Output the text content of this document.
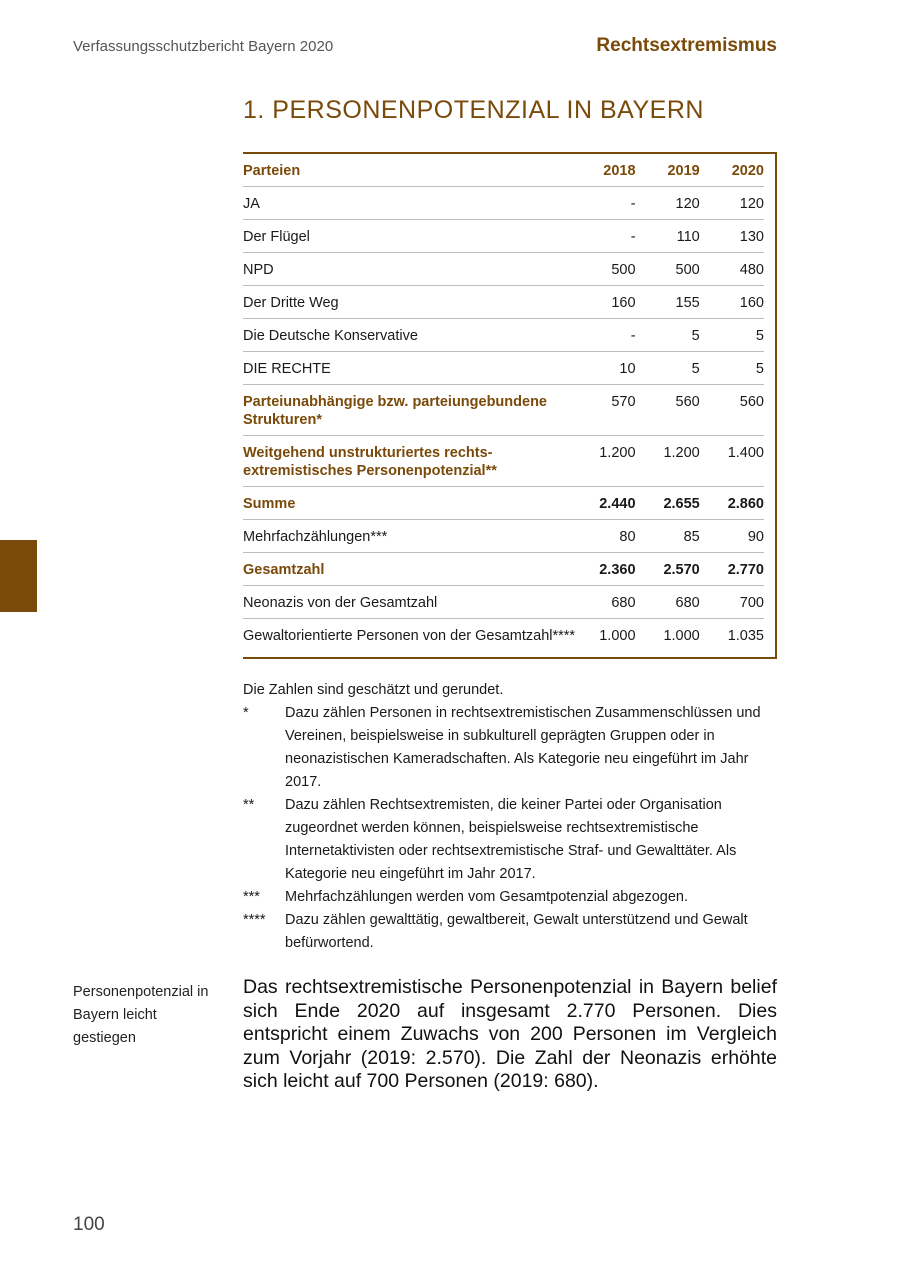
Verfassungsschutzbericht Bayern 2020	Rechtsextremismus
1. PERSONENPOTENZIAL IN BAYERN
Parteien	2018	2019	2020

JA	-	120	120

Der Flügel	-	110	130

NPD	500	500	480

Der Dritte Weg	160	155	160

Die Deutsche Konservative	-	5	5

DIE RECHTE	10	5	5

Parteiunabhängige bzw. parteiungebundene Strukturen*	570	560	560

Weitgehend unstrukturiertes rechts- extremistisches Personenpotenzial**	1.200	1.200	1.400

Summe	2.440	2.655	2.860

Mehrfachzählungen***	80	85	90

Gesamtzahl	2.360	2.570	2.770

Neonazis von der Gesamtzahl	680	680	700

Gewaltorientierte Personen von der Gesamtzahl****	1.000	1.000	1.035
Die Zahlen sind geschätzt und gerundet.
*	Dazu zählen Personen in rechtsextremistischen Zusammenschlüssen und Vereinen, beispielsweise in subkulturell geprägten Gruppen oder in neonazistischen Kameradschaften. Als Kategorie neu eingeführt im Jahr 2017.
**	Dazu zählen Rechtsextremisten, die keiner Partei oder Organisation zugeordnet werden können, beispielsweise rechtsextremistische Internetaktivisten oder rechtsextremistische Straf- und Gewalttäter. Als Kategorie neu eingeführt im Jahr 2017.
***	Mehrfachzählungen werden vom Gesamtpotenzial abgezogen.
****	Dazu zählen gewalttätig, gewaltbereit, Gewalt unterstützend und Gewalt befürwortend.
Personenpotenzial in Bayern leicht gestiegen
Das rechtsextremistische Personenpotenzial in Bayern belief sich Ende 2020 auf insgesamt 2.770 Personen. Dies entspricht einem Zuwachs von 200 Personen im Vergleich zum Vorjahr (2019: 2.570). Die Zahl der Neonazis erhöhte sich leicht auf 700 Personen (2019: 680).
100
